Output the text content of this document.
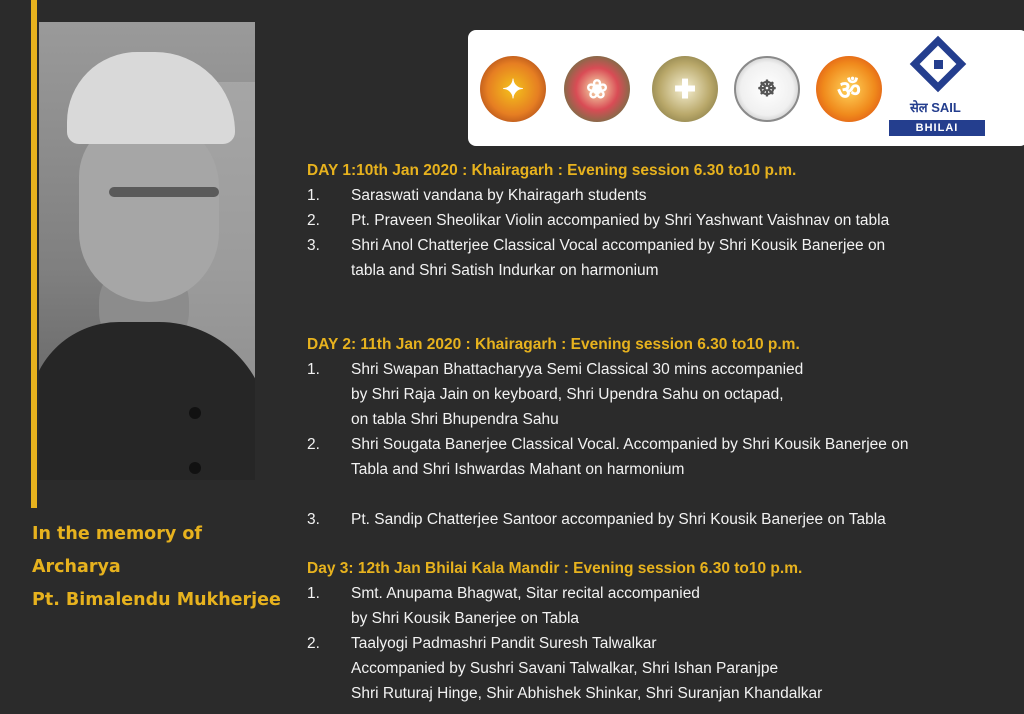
In the memory of
Archarya
Pt. Bimalendu Mukherjee
✦	❀	✚	☸	ॐ
सेल SAIL
BHILAI
DAY 1:10th Jan 2020 : Khairagarh : Evening session 6.30 to10 p.m.
1. Saraswati vandana by Khairagarh students
2. Pt. Praveen Sheolikar Violin accompanied by Shri Yashwant Vaishnav on tabla
3. Shri Anol Chatterjee Classical Vocal accompanied by Shri Kousik Banerjee on
tabla and Shri Satish Indurkar on harmonium
DAY 2: 11th Jan 2020 : Khairagarh : Evening session 6.30 to10 p.m.
1. Shri Swapan Bhattacharyya Semi Classical 30 mins accompanied
by Shri Raja Jain on keyboard, Shri Upendra Sahu on octapad,
on tabla Shri Bhupendra Sahu
2. Shri Sougata Banerjee Classical Vocal. Accompanied by Shri Kousik Banerjee on
Tabla and Shri Ishwardas Mahant on harmonium
3. Pt. Sandip Chatterjee Santoor accompanied by Shri Kousik Banerjee on Tabla
Day 3: 12th Jan Bhilai Kala Mandir : Evening session 6.30 to10 p.m.
1. Smt. Anupama Bhagwat, Sitar recital accompanied
by Shri Kousik Banerjee on Tabla
2. Taalyogi Padmashri Pandit Suresh Talwalkar
Accompanied by Sushri Savani Talwalkar, Shri Ishan Paranjpe
Shri Ruturaj Hinge, Shir Abhishek Shinkar, Shri Suranjan Khandalkar
